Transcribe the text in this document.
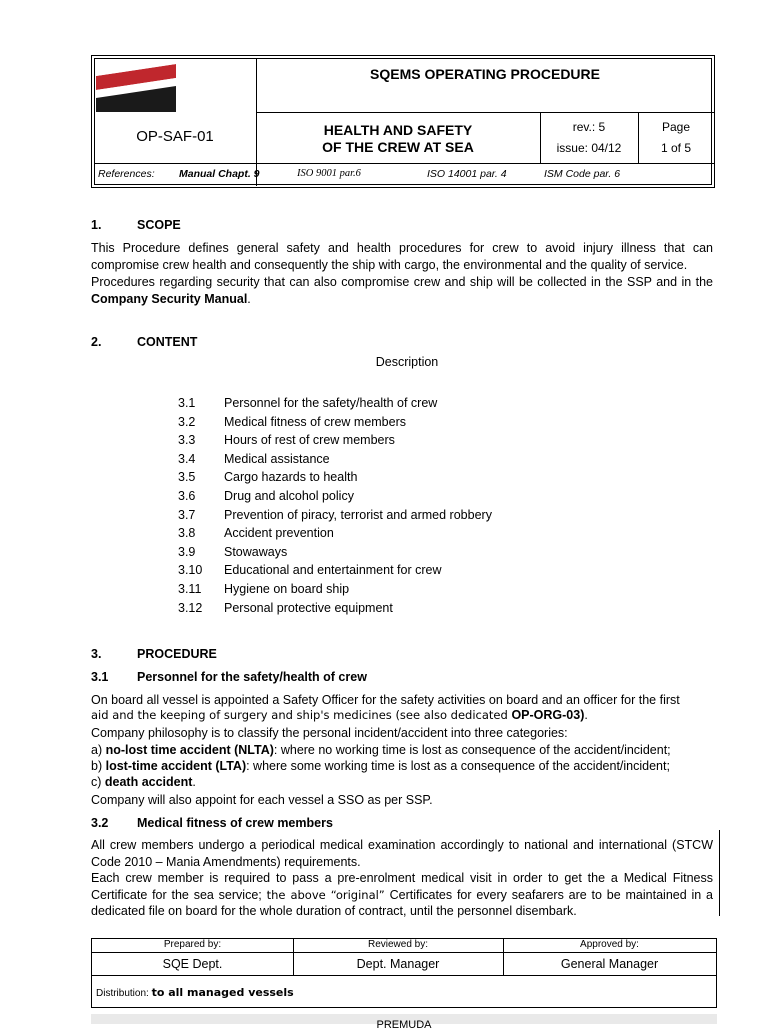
SQEMS OPERATING PROCEDURE
OP-SAF-01	HEALTH AND SAFETY
OF THE CREW AT SEA
rev.: 5
issue: 04/12
Page
1 of 5
References: Manual Chapt. 9	ISO 9001 par.6	ISO 14001 par. 4	ISM Code par. 6
1.	SCOPE
This Procedure defines general safety and health procedures for crew to avoid injury illness that can compromise crew health and consequently the ship with cargo, the environmental and the quality of service.
Procedures regarding security that can also compromise crew and ship will be collected in the SSP and in the Company Security Manual.
2.	CONTENT
Description
3.1 Personnel for the safety/health of crew
3.2 Medical fitness of crew members
3.3 Hours of rest of crew members
3.4 Medical assistance
3.5 Cargo hazards to health
3.6 Drug and alcohol policy
3.7 Prevention of piracy, terrorist and armed robbery
3.8 Accident prevention
3.9 Stowaways
3.10 Educational and entertainment for crew
3.11 Hygiene on board ship
3.12 Personal protective equipment
3.	PROCEDURE
3.1 Personnel for the safety/health of crew
On board all vessel is appointed a Safety Officer for the safety activities on board and an officer for the first
aid and the keeping of surgery and ship's medicines (see also dedicated OP-ORG-03).
Company philosophy is to classify the personal incident/accident into three categories:
a) no-lost time accident (NLTA): where no working time is lost as consequence of the accident/incident;
b) lost-time accident (LTA): where some working time is lost as a consequence of the accident/incident;
c) death accident.
Company will also appoint for each vessel a SSO as per SSP.
3.2 Medical fitness of crew members
All crew members undergo a periodical medical examination accordingly to national and international (STCW Code 2010 – Mania Amendments) requirements.
Each crew member is required to pass a pre-enrolment medical visit in order to get the a Medical Fitness Certificate for the sea service; the above “original” Certificates for every seafarers are to be maintained in a dedicated file on board for the whole duration of contract, until the personnel disembark.
Prepared by:	Reviewed by:	Approved by:
SQE Dept.	Dept. Manager	General Manager
Distribution: to all managed vessels
PREMUDA
